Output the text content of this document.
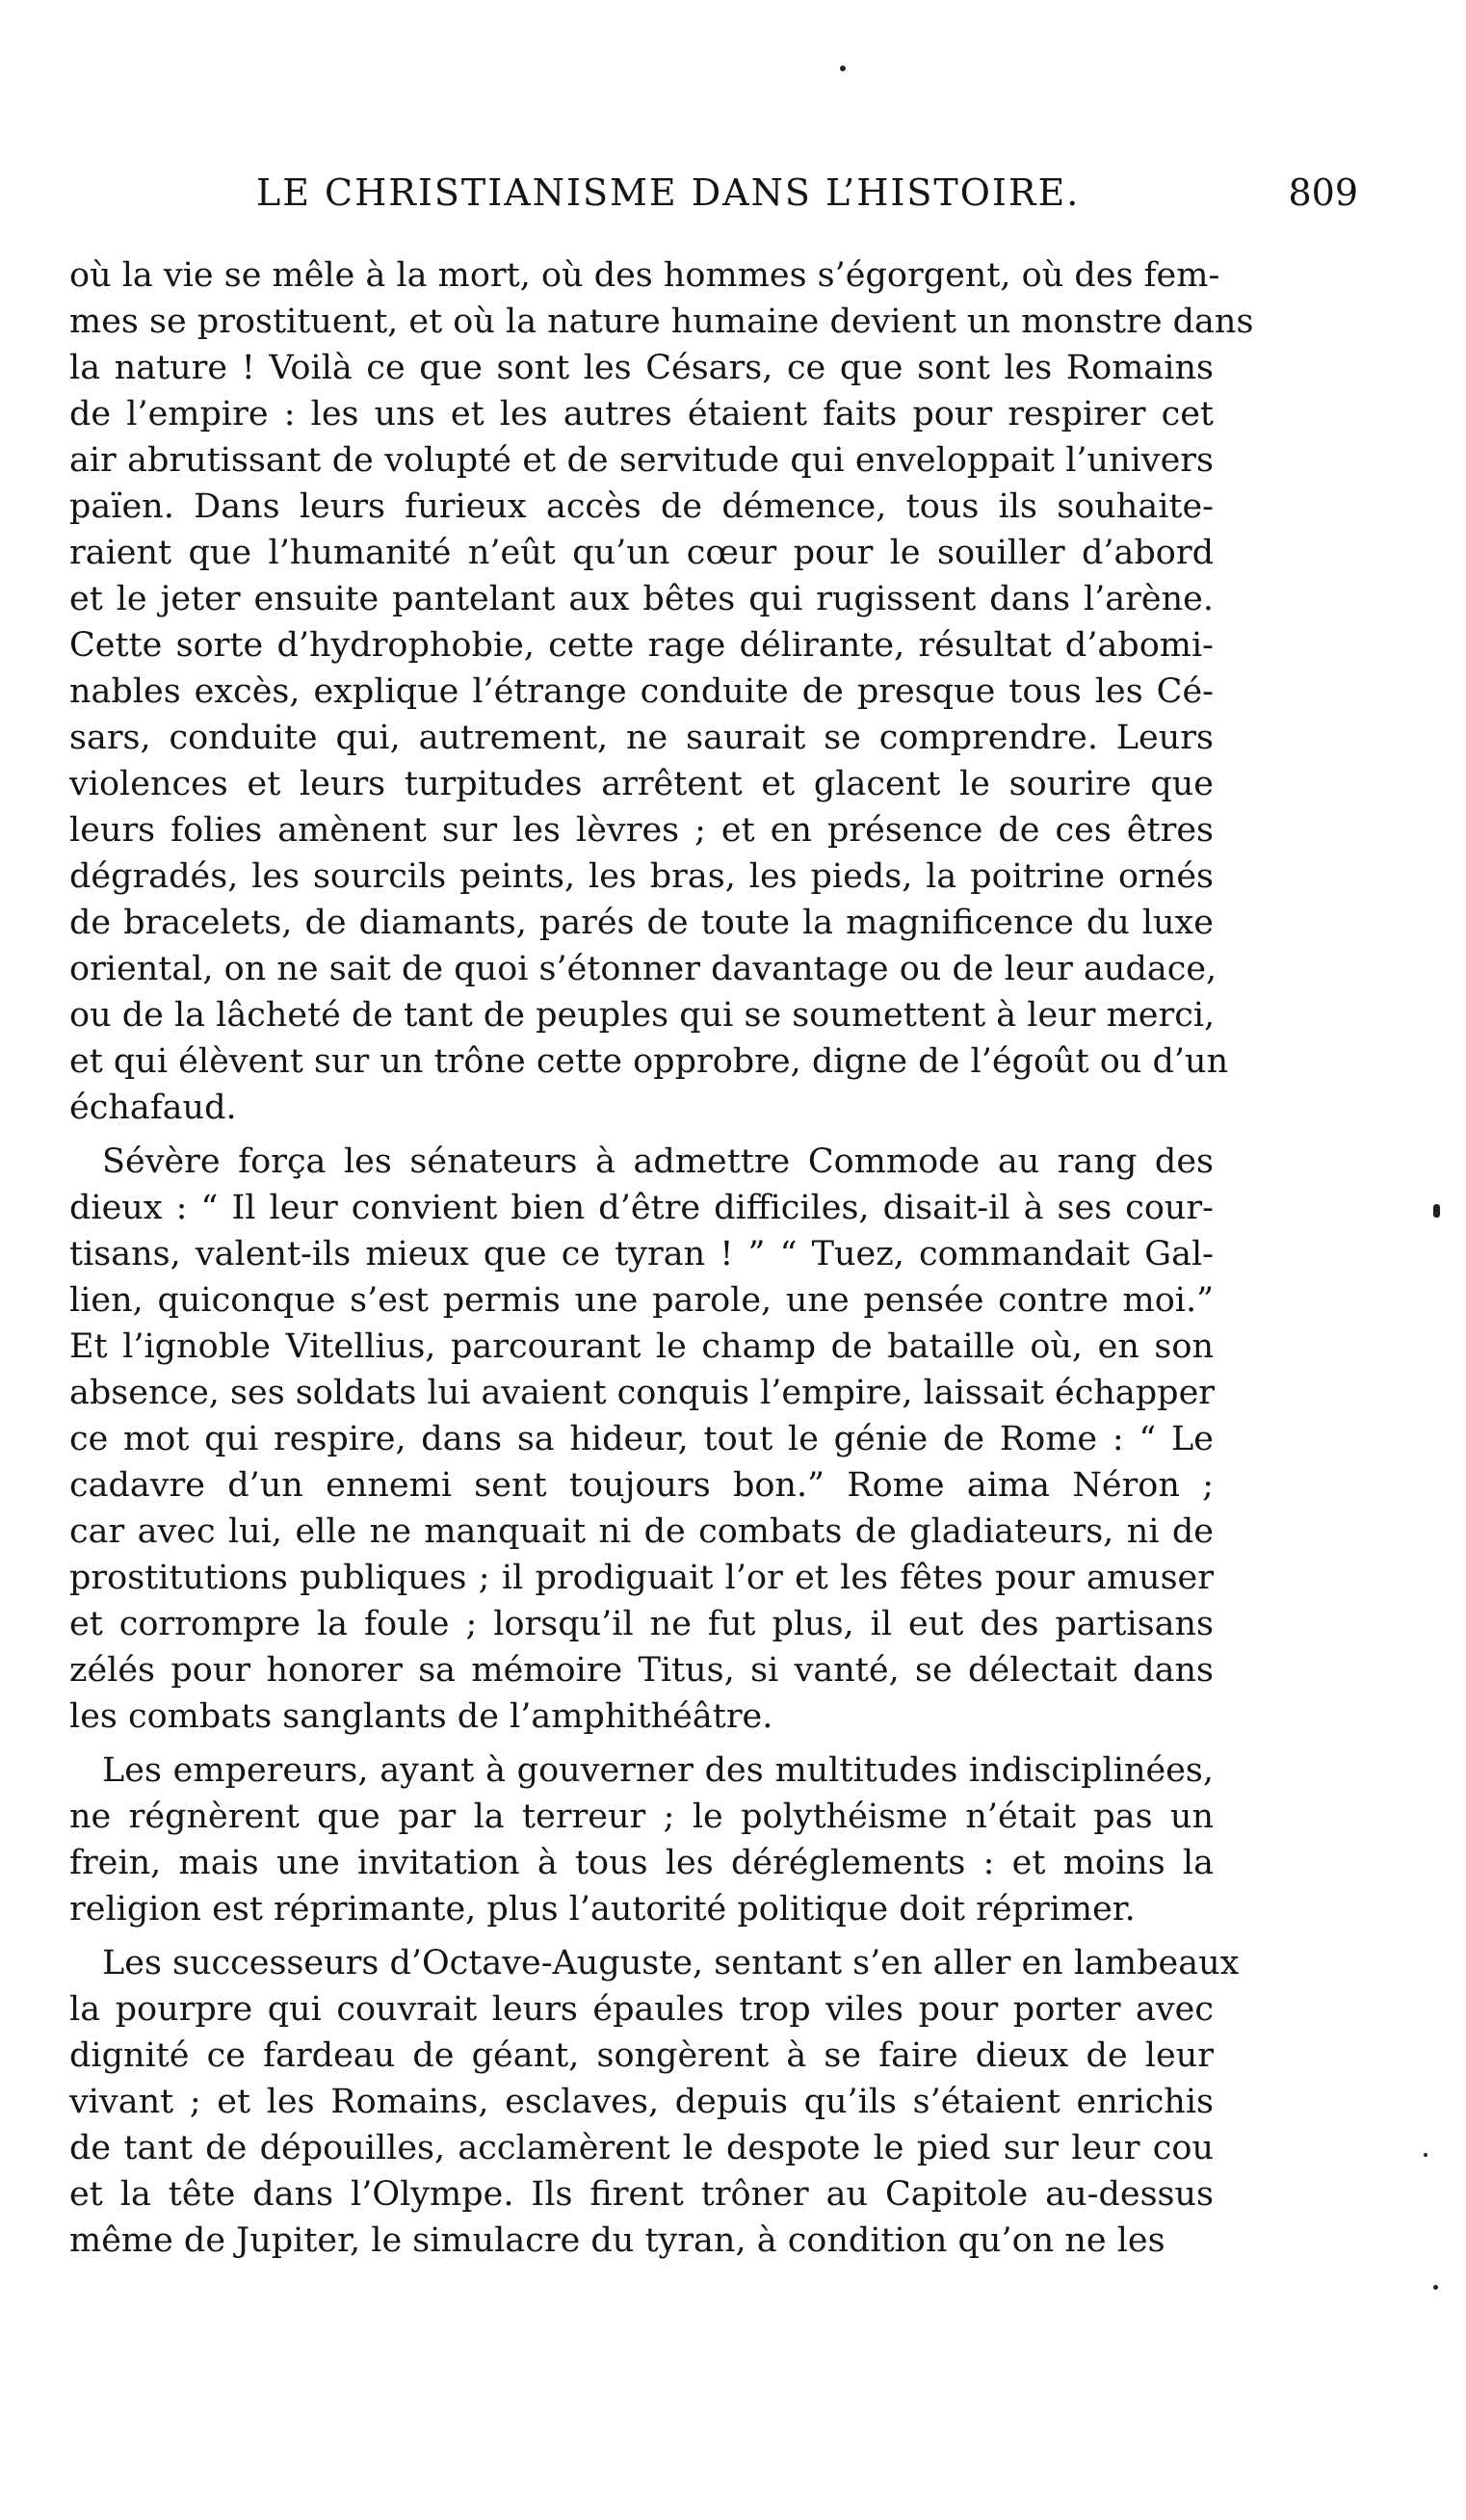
LE CHRISTIANISME DANS L’HISTOIRE.	809
où la vie se mêle à la mort, où des hommes s’égorgent, où des fem-
mes se prostituent, et où la nature humaine devient un monstre dans
la nature ! Voilà ce que sont les Césars, ce que sont les Romains
de l’empire : les uns et les autres étaient faits pour respirer cet
air abrutissant de volupté et de servitude qui enveloppait l’univers
païen. Dans leurs furieux accès de démence, tous ils souhaite-
raient que l’humanité n’eût qu’un cœur pour le souiller d’abord
et le jeter ensuite pantelant aux bêtes qui rugissent dans l’arène.
Cette sorte d’hydrophobie, cette rage délirante, résultat d’abomi-
nables excès, explique l’étrange conduite de presque tous les Cé-
sars, conduite qui, autrement, ne saurait se comprendre. Leurs
violences et leurs turpitudes arrêtent et glacent le sourire que
leurs folies amènent sur les lèvres ; et en présence de ces êtres
dégradés, les sourcils peints, les bras, les pieds, la poitrine ornés
de bracelets, de diamants, parés de toute la magnificence du luxe
oriental, on ne sait de quoi s’étonner davantage ou de leur audace,
ou de la lâcheté de tant de peuples qui se soumettent à leur merci,
et qui élèvent sur un trône cette opprobre, digne de l’égoût ou d’un
échafaud.
Sévère força les sénateurs à admettre Commode au rang des
dieux : “ Il leur convient bien d’être difficiles, disait-il à ses cour-
tisans, valent-ils mieux que ce tyran ! ” “ Tuez, commandait Gal-
lien, quiconque s’est permis une parole, une pensée contre moi.”
Et l’ignoble Vitellius, parcourant le champ de bataille où, en son
absence, ses soldats lui avaient conquis l’empire, laissait échapper
ce mot qui respire, dans sa hideur, tout le génie de Rome : “ Le
cadavre d’un ennemi sent toujours bon.” Rome aima Néron ;
car avec lui, elle ne manquait ni de combats de gladiateurs, ni de
prostitutions publiques ; il prodiguait l’or et les fêtes pour amuser
et corrompre la foule ; lorsqu’il ne fut plus, il eut des partisans
zélés pour honorer sa mémoire Titus, si vanté, se délectait dans
les combats sanglants de l’amphithéâtre.
Les empereurs, ayant à gouverner des multitudes indisciplinées,
ne régnèrent que par la terreur ; le polythéisme n’était pas un
frein, mais une invitation à tous les déréglements : et moins la
religion est réprimante, plus l’autorité politique doit réprimer.
Les successeurs d’Octave-Auguste, sentant s’en aller en lambeaux
la pourpre qui couvrait leurs épaules trop viles pour porter avec
dignité ce fardeau de géant, songèrent à se faire dieux de leur
vivant ; et les Romains, esclaves, depuis qu’ils s’étaient enrichis
de tant de dépouilles, acclamèrent le despote le pied sur leur cou
et la tête dans l’Olympe. Ils firent trôner au Capitole au-dessus
même de Jupiter, le simulacre du tyran, à condition qu’on ne les
